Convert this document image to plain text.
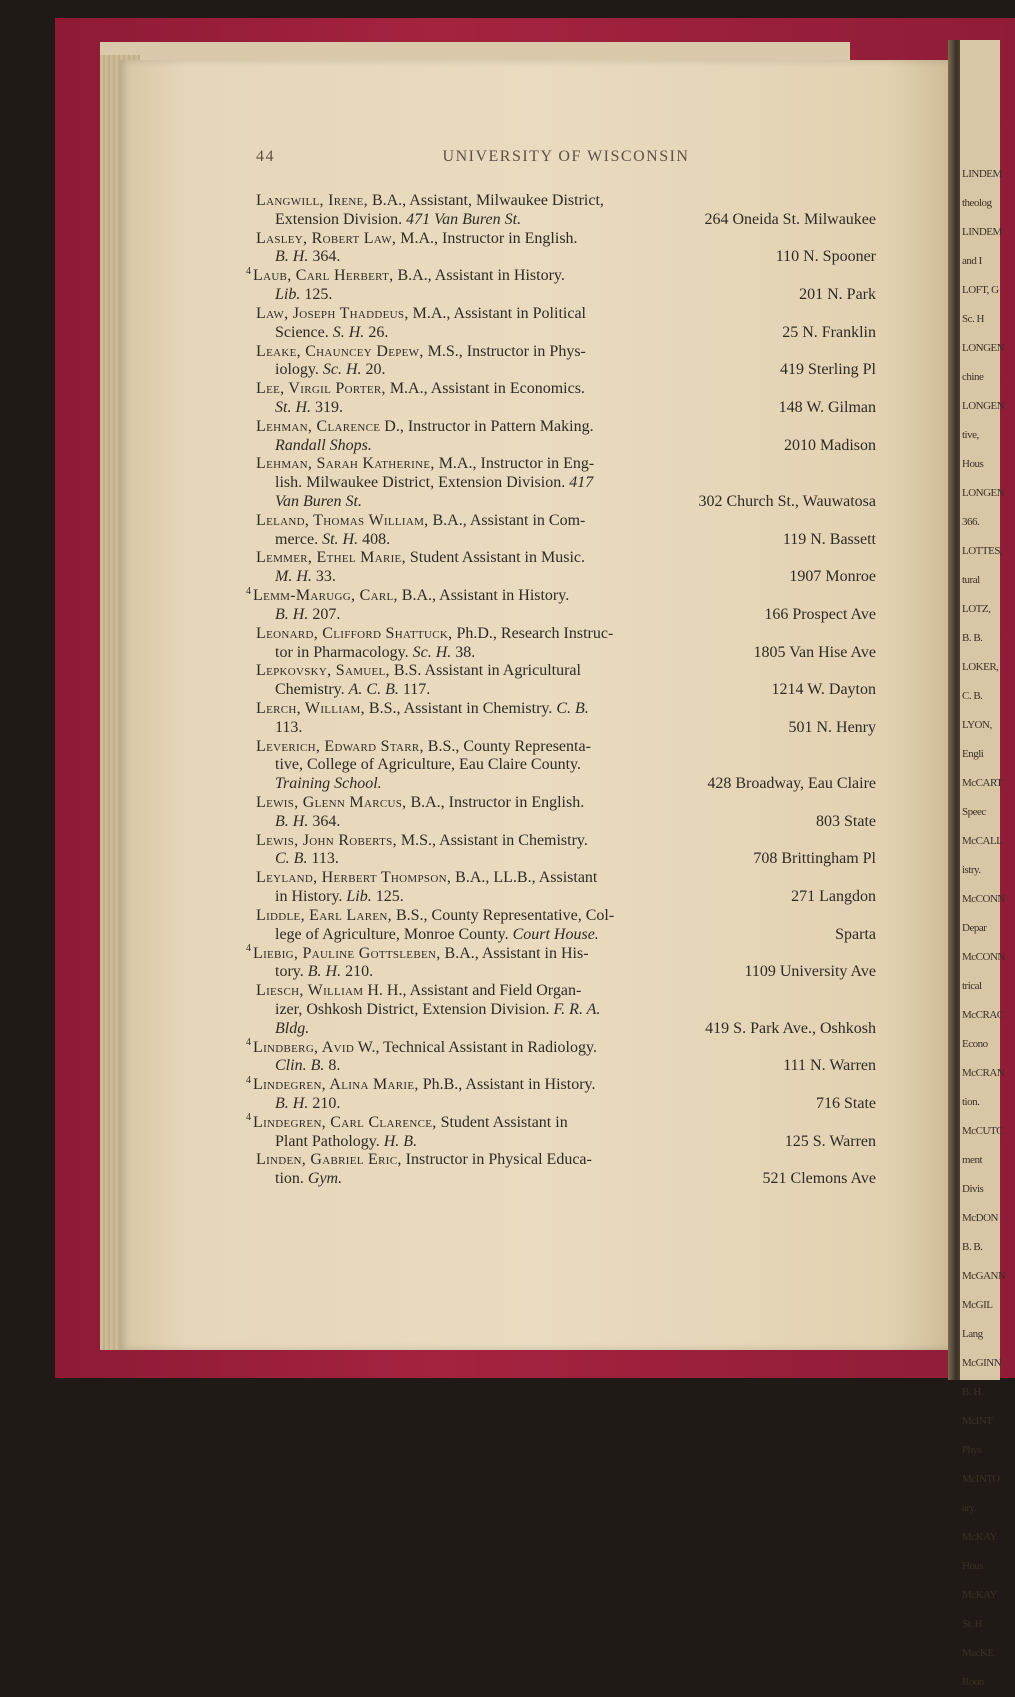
LINDEM
theolog
LINDEM
and I
LOFT, G
Sc. H
LONGEN
chine
LONGEN
tive,
Hous
LONGEN
366.
LOTTES,
tural
LOTZ,
B. B.
LOKER,
C. B.
LYON,
Engli
McCART
Speec
McCALL
istry.
McCONN
Depar
McCONN
trical
McCRAC
Econo
McCRAN
tion.
McCUTC
ment
Divis
McDON
B. B.
McGANN
McGIL
Lang
McGINN
B. H.
McINT
Phys
McINTO
ary.
McKAY
Hous
McKAY
St. H
MacKE
Roon
44	UNIVERSITY OF WISCONSIN
Langwill, Irene, B.A., Assistant, Milwaukee District,
Extension Division. 471 Van Buren St.	264 Oneida St. Milwaukee
Lasley, Robert Law, M.A., Instructor in English.
B. H. 364.	110 N. Spooner
$^4$ Laub, Carl Herbert, B.A., Assistant in History.
Lib. 125.	201 N. Park
Law, Joseph Thaddeus, M.A., Assistant in Political
Science. S. H. 26.	25 N. Franklin
Leake, Chauncey Depew, M.S., Instructor in Phys-
iology. Sc. H. 20.	419 Sterling Pl
Lee, Virgil Porter, M.A., Assistant in Economics.
St. H. 319.	148 W. Gilman
Lehman, Clarence D., Instructor in Pattern Making.
Randall Shops.	2010 Madison
Lehman, Sarah Katherine, M.A., Instructor in Eng-
lish. Milwaukee District, Extension Division. 417
Van Buren St.	302 Church St., Wauwatosa
Leland, Thomas William, B.A., Assistant in Com-
merce. St. H. 408.	119 N. Bassett
Lemmer, Ethel Marie, Student Assistant in Music.
M. H. 33.	1907 Monroe
$^4$ Lemm-Marugg, Carl, B.A., Assistant in History.
B. H. 207.	166 Prospect Ave
Leonard, Clifford Shattuck, Ph.D., Research Instruc-
tor in Pharmacology. Sc. H. 38.	1805 Van Hise Ave
Lepkovsky, Samuel, B.S. Assistant in Agricultural
Chemistry. A. C. B. 117.	1214 W. Dayton
Lerch, William, B.S., Assistant in Chemistry. C. B.
113.	501 N. Henry
Leverich, Edward Starr, B.S., County Representa-
tive, College of Agriculture, Eau Claire County.
Training School.	428 Broadway, Eau Claire
Lewis, Glenn Marcus, B.A., Instructor in English.
B. H. 364.	803 State
Lewis, John Roberts, M.S., Assistant in Chemistry.
C. B. 113.	708 Brittingham Pl
Leyland, Herbert Thompson, B.A., LL.B., Assistant
in History. Lib. 125.	271 Langdon
Liddle, Earl Laren, B.S., County Representative, Col-
lege of Agriculture, Monroe County. Court House.	Sparta
$^4$ Liebig, Pauline Gottsleben, B.A., Assistant in His-
tory. B. H. 210.	1109 University Ave
Liesch, William H. H., Assistant and Field Organ-
izer, Oshkosh District, Extension Division. F. R. A.
Bldg.	419 S. Park Ave., Oshkosh
$^4$ Lindberg, Avid W., Technical Assistant in Radiology.
Clin. B. 8.	111 N. Warren
$^4$ Lindegren, Alina Marie, Ph.B., Assistant in History.
B. H. 210.	716 State
$^4$ Lindegren, Carl Clarence, Student Assistant in
Plant Pathology. H. B.	125 S. Warren
Linden, Gabriel Eric, Instructor in Physical Educa-
tion. Gym.	521 Clemons Ave
